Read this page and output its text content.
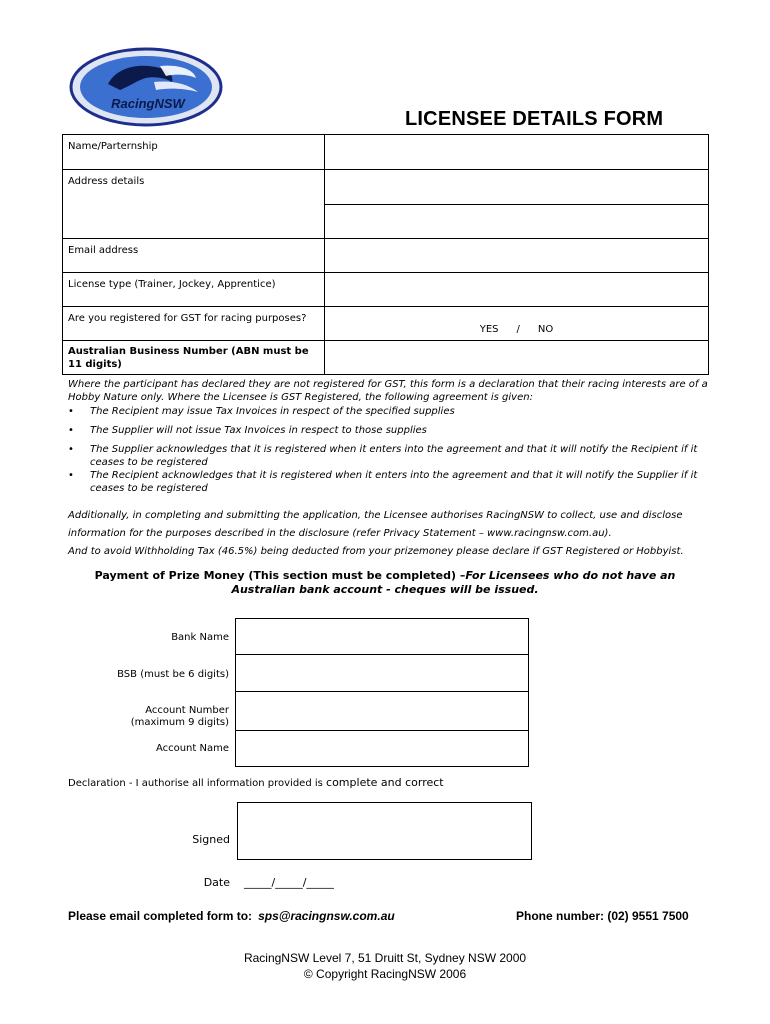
RacingNSW
LICENSEE DETAILS FORM
Name/Parternship	
Address details	

Email address	
License type (Trainer, Jockey, Apprentice)	
Are you registered for GST for racing purposes?	YES / NO

Australian Business Number (ABN must be 11 digits)	
Where the participant has declared they are not registered for GST, this form is a declaration that their racing interests are of a Hobby Nature only. Where the Licensee is GST Registered, the following agreement is given:
• The Recipient may issue Tax Invoices in respect of the specified supplies
• The Supplier will not issue Tax Invoices in respect to those supplies
• The Supplier acknowledges that it is registered when it enters into the agreement and that it will notify the Recipient if it ceases to be registered
• The Recipient acknowledges that it is registered when it enters into the agreement and that it will notify the Supplier if it ceases to be registered
Additionally, in completing and submitting the application, the Licensee authorises RacingNSW to collect, use and disclose
information for the purposes described in the disclosure (refer Privacy Statement – www.racingnsw.com.au).
And to avoid Withholding Tax (46.5%) being deducted from your prizemoney please declare if GST Registered or Hobbyist.
Payment of Prize Money (This section must be completed) –For Licensees who do not have an Australian bank account - cheques will be issued.
Bank Name
BSB (must be 6 digits)
Account Number
(maximum 9 digits)
Account Name
Declaration - I authorise all information provided is complete and correct
Signed
Date _____/_____/_____
Please email completed form to: sps@racingnsw.com.au	Phone number: (02) 9551 7500
RacingNSW Level 7, 51 Druitt St, Sydney NSW 2000
© Copyright RacingNSW 2006
